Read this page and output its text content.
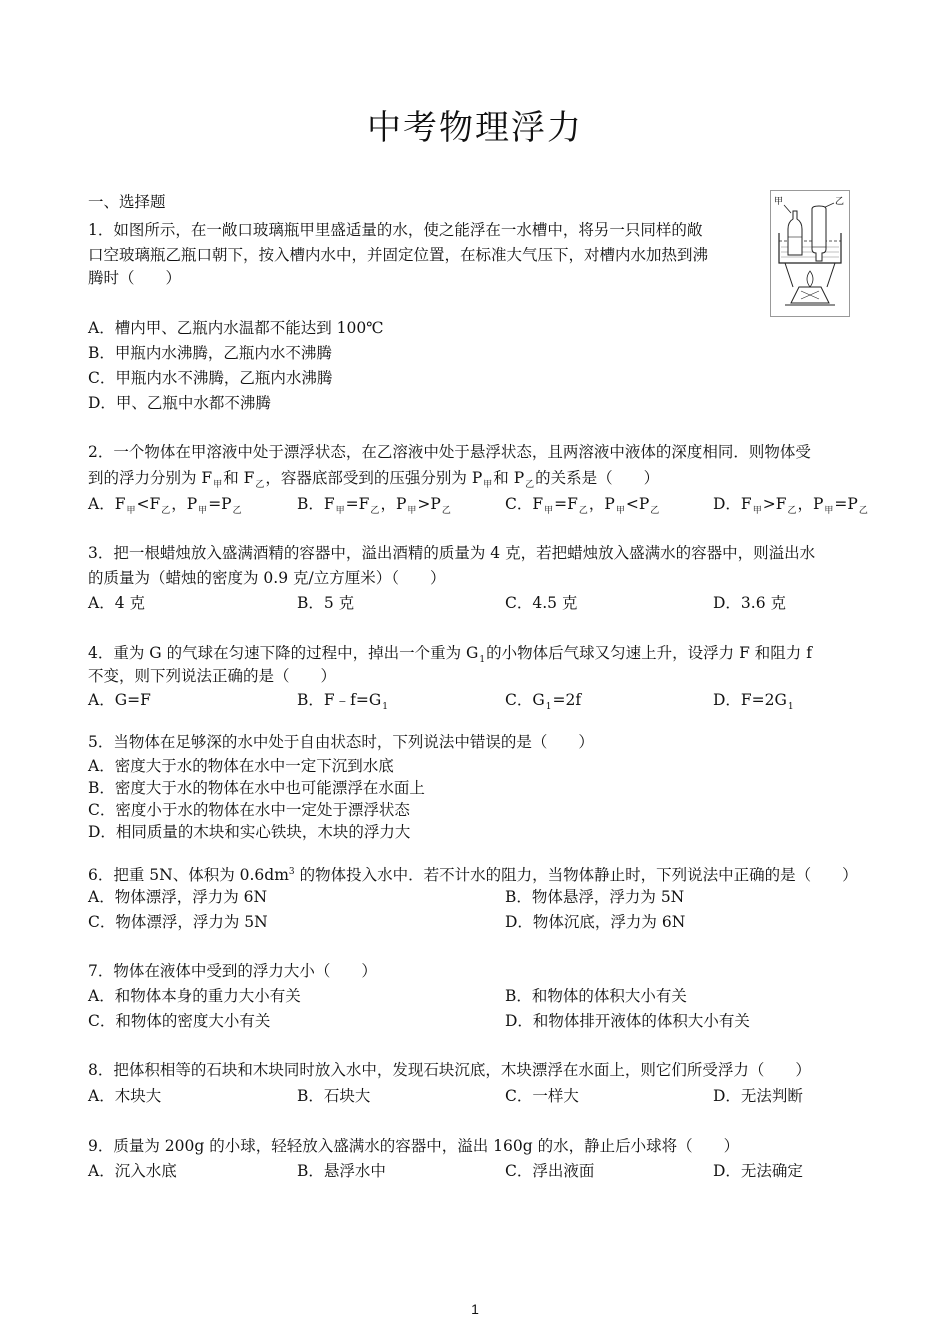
中考物理浮力
一、选择题	甲	乙
1．如图所示，在一敞口玻璃瓶甲里盛适量的水，使之能浮在一水槽中，将另一只同样的敞
口空玻璃瓶乙瓶口朝下，按入槽内水中，并固定位置，在标准大气压下，对槽内水加热到沸
腾时（　　）
A．槽内甲、乙瓶内水温都不能达到 100℃
B．甲瓶内水沸腾，乙瓶内水不沸腾
C．甲瓶内水不沸腾，乙瓶内水沸腾
D．甲、乙瓶中水都不沸腾
2．一个物体在甲溶液中处于漂浮状态，在乙溶液中处于悬浮状态，且两溶液中液体的深度相同．则物体受
到的浮力分别为 $F_甲$和 $F_乙$，容器底部受到的压强分别为 $P_甲$和 $P_乙$的关系是（　　）
A．$F_甲<F_乙$，$P_甲=P_乙$	B．$F_甲=F_乙$，$P_甲>P_乙$	C．$F_甲=F_乙$，$P_甲<P_乙$	D．$F_甲>F_乙$，$P_甲=P_乙$
3．把一根蜡烛放入盛满酒精的容器中，溢出酒精的质量为 4 克，若把蜡烛放入盛满水的容器中，则溢出水
的质量为（蜡烛的密度为 0.9 克/立方厘米）（　　）
A．4 克	B．5 克	C．4.5 克	D．3.6 克
4．重为 G 的气球在匀速下降的过程中，掉出一个重为 $G_1$的小物体后气球又匀速上升，设浮力 F 和阻力 f
不变，则下列说法正确的是（　　）
A．G=F	B．$F﹣f=G_1$	C．$G_1=2f$	D．$F=2G_1$
5．当物体在足够深的水中处于自由状态时，下列说法中错误的是（　　）
A．密度大于水的物体在水中一定下沉到水底
B．密度大于水的物体在水中也可能漂浮在水面上
C．密度小于水的物体在水中一定处于漂浮状态
D．相同质量的木块和实心铁块，木块的浮力大
6．把重 5N、体积为 $0.6dm^3$ 的物体投入水中．若不计水的阻力，当物体静止时，下列说法中正确的是（　　）
A．物体漂浮，浮力为 6N	B．物体悬浮，浮力为 5N
C．物体漂浮，浮力为 5N	D．物体沉底，浮力为 6N
7．物体在液体中受到的浮力大小（　　）
A．和物体本身的重力大小有关	B．和物体的体积大小有关
C．和物体的密度大小有关	D．和物体排开液体的体积大小有关
8．把体积相等的石块和木块同时放入水中，发现石块沉底，木块漂浮在水面上，则它们所受浮力（　　）
A．木块大	B．石块大	C．一样大	D．无法判断
9．质量为 200g 的小球，轻轻放入盛满水的容器中，溢出 160g 的水，静止后小球将（　　）
A．沉入水底	B．悬浮水中	C．浮出液面	D．无法确定
1
